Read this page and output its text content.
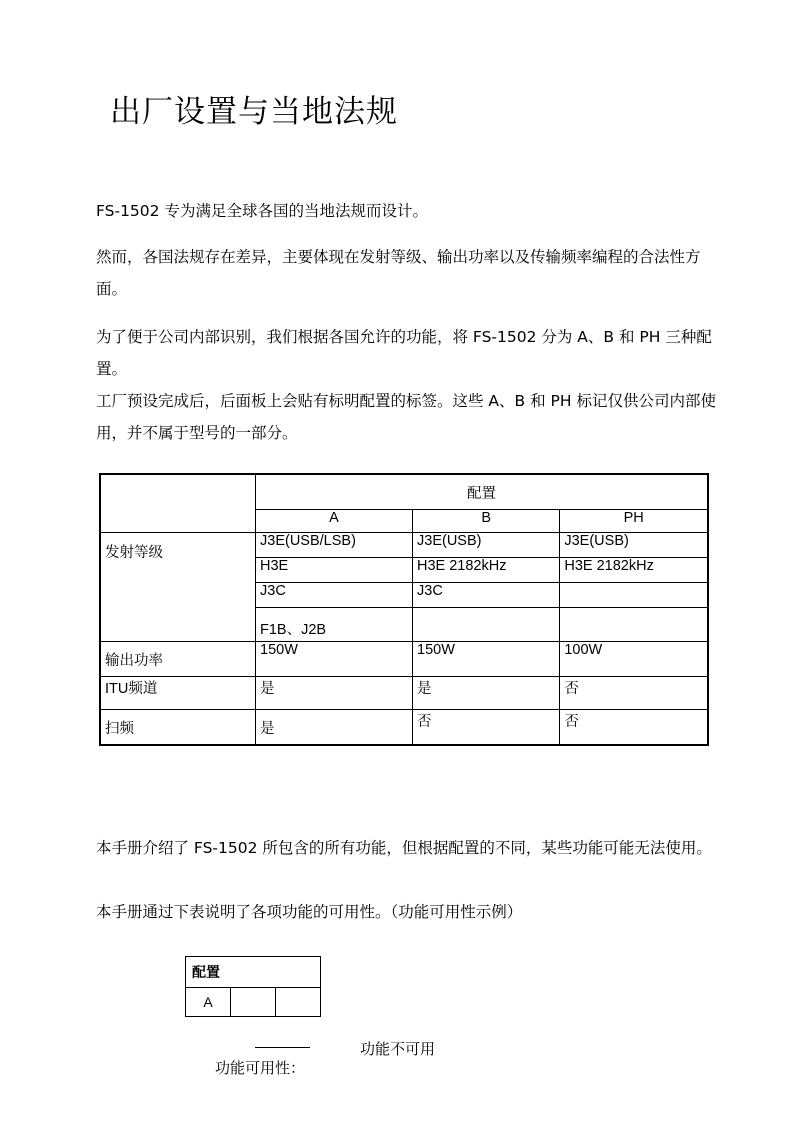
出厂设置与当地法规

FS-1502 专为满足全球各国的当地法规而设计。

然而，各国法规存在差异，主要体现在发射等级、输出功率以及传输频率编程的合法性方面。

为了便于公司内部识别，我们根据各国允许的功能，将 FS-1502 分为 A、B 和 PH 三种配置。

工厂预设完成后，后面板上会贴有标明配置的标签。这些 A、B 和 PH 标记仅供公司内部使用，并不属于型号的一部分。

	配置		
	A	B	PH
发射等级	J3E(USB/LSB)	J3E(USB)	J3E(USB)
	H3E	H3E 2182kHz	H3E 2182kHz
	J3C	J3C	
	F1B、J2B		
输出功率	150W	150W	100W
ITU频道	是	是	否
扫频	是	否	否

本手册介绍了 FS-1502 所包含的所有功能，但根据配置的不同，某些功能可能无法使用。

本手册通过下表说明了各项功能的可用性。（功能可用性示例）

配置
A		
功能不可用
功能可用性：
